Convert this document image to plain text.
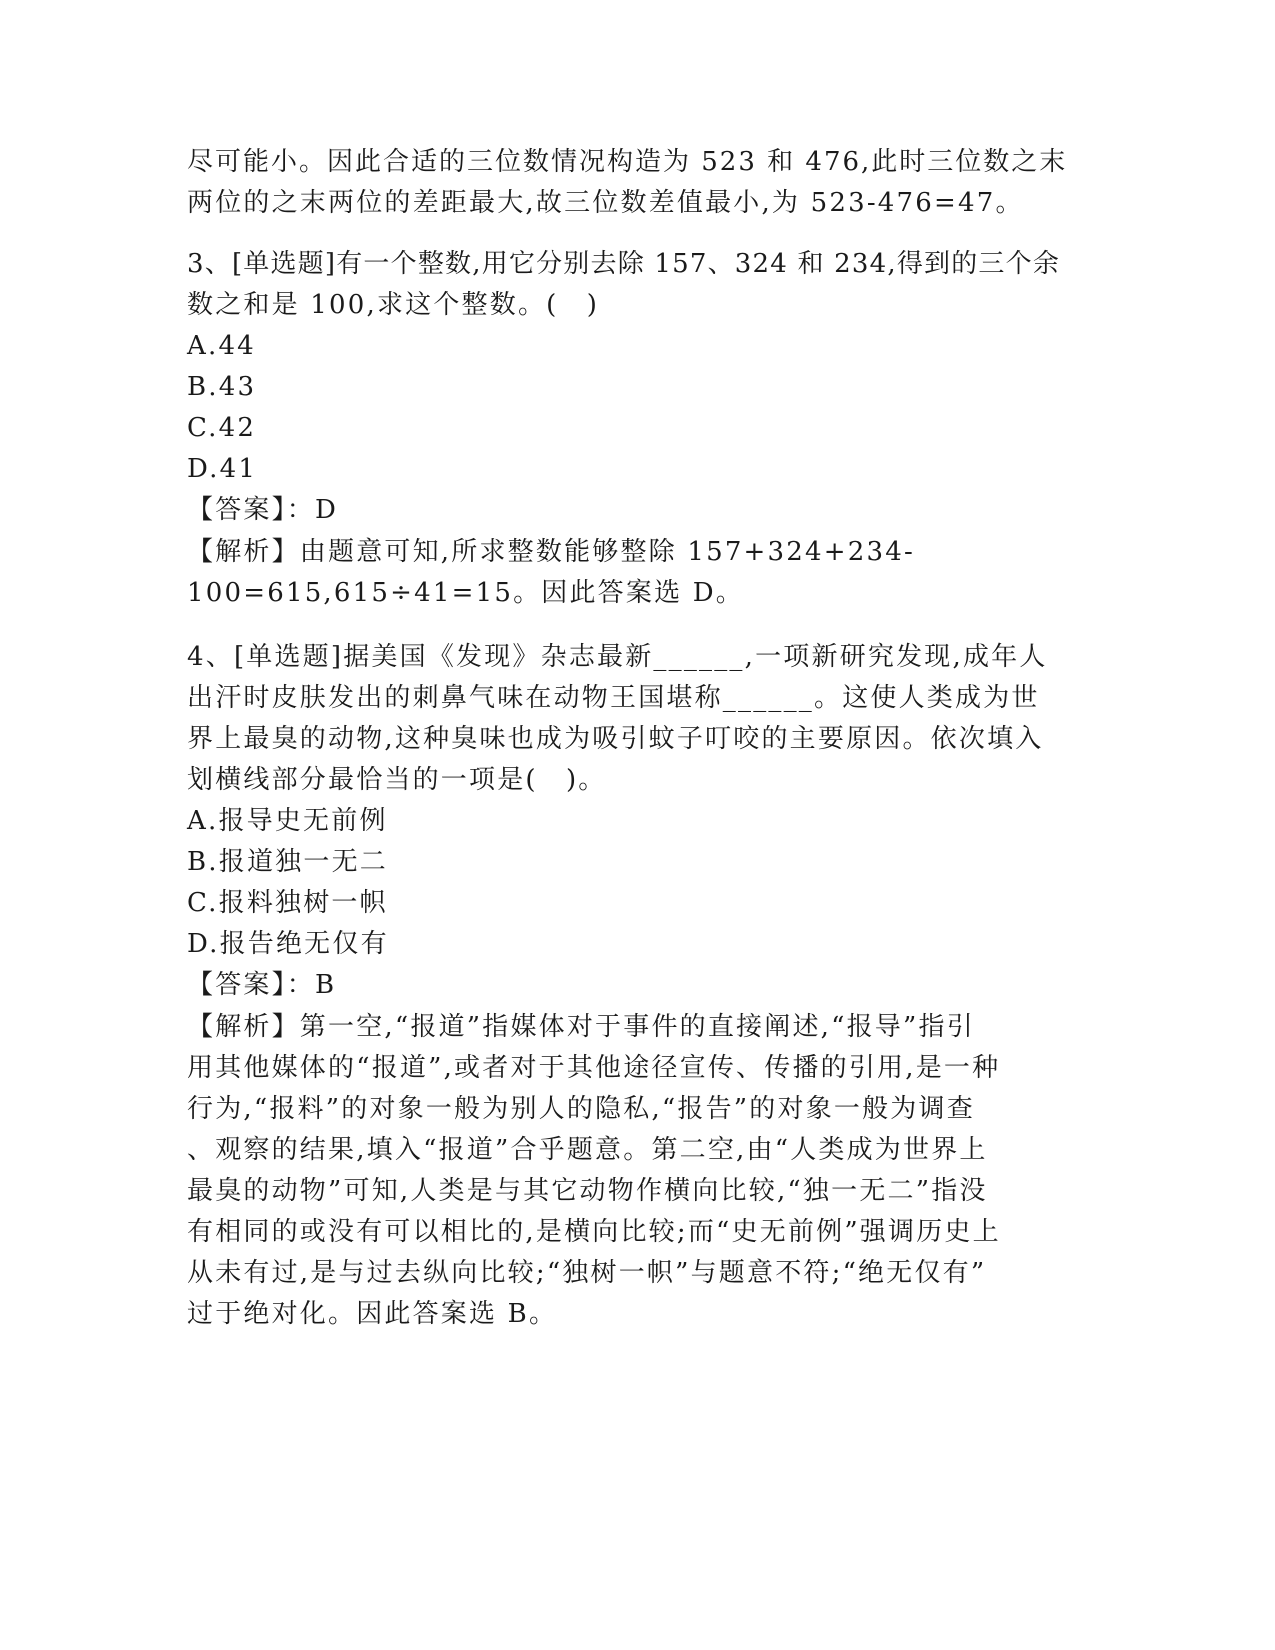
尽可能小。因此合适的三位数情况构造为 523 和 476,此时三位数之末
两位的之末两位的差距最大,故三位数差值最小,为 523-476=47。
3、[单选题]有一个整数,用它分别去除 157、324 和 234,得到的三个余
数之和是 100,求这个整数。(　)
A.44
B.43
C.42
D.41
【答案】：D
【解析】由题意可知,所求整数能够整除 157+324+234-
100=615,615÷41=15。因此答案选 D。
4、[单选题]据美国《发现》杂志最新______,一项新研究发现,成年人
出汗时皮肤发出的刺鼻气味在动物王国堪称______。这使人类成为世
界上最臭的动物,这种臭味也成为吸引蚊子叮咬的主要原因。依次填入
划横线部分最恰当的一项是(　)。
A.报导史无前例
B.报道独一无二
C.报料独树一帜
D.报告绝无仅有
【答案】：B
【解析】第一空,“报道”指媒体对于事件的直接阐述,“报导”指引
用其他媒体的“报道”,或者对于其他途径宣传、传播的引用,是一种
行为,“报料”的对象一般为别人的隐私,“报告”的对象一般为调查
、观察的结果,填入“报道”合乎题意。第二空,由“人类成为世界上
最臭的动物”可知,人类是与其它动物作横向比较,“独一无二”指没
有相同的或没有可以相比的,是横向比较;而“史无前例”强调历史上
从未有过,是与过去纵向比较;“独树一帜”与题意不符;“绝无仅有”
过于绝对化。因此答案选 B。
